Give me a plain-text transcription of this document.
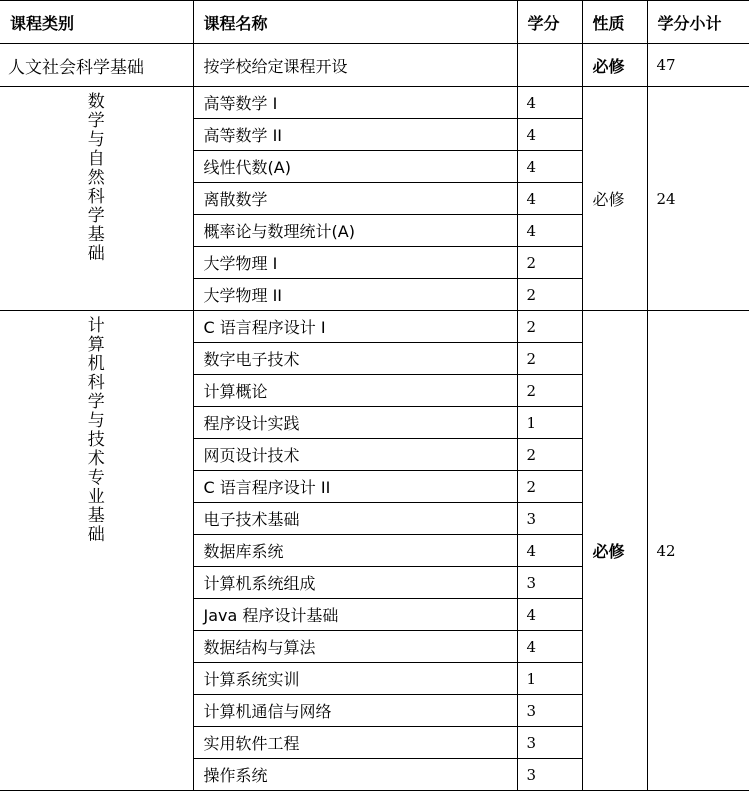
课程类别	课程名称	学分	性质	学分小计
人文社会科学基础	按学校给定课程开设		必修	47
数学与自然科学基础	高等数学 I	4	必修	24
	高等数学 II	4		
	线性代数(A)	4		
	离散数学	4		
	概率论与数理统计(A)	4		
	大学物理 I	2		
	大学物理 II	2		
计算机科学与技术专业基础	C 语言程序设计 I	2	必修	42
	数字电子技术	2		
	计算概论	2		
	程序设计实践	1		
	网页设计技术	2		
	C 语言程序设计 II	2		
	电子技术基础	3		
	数据库系统	4		
	计算机系统组成	3		
	Java 程序设计基础	4		
	数据结构与算法	4		
	计算系统实训	1		
	计算机通信与网络	3		
	实用软件工程	3		
	操作系统	3		
